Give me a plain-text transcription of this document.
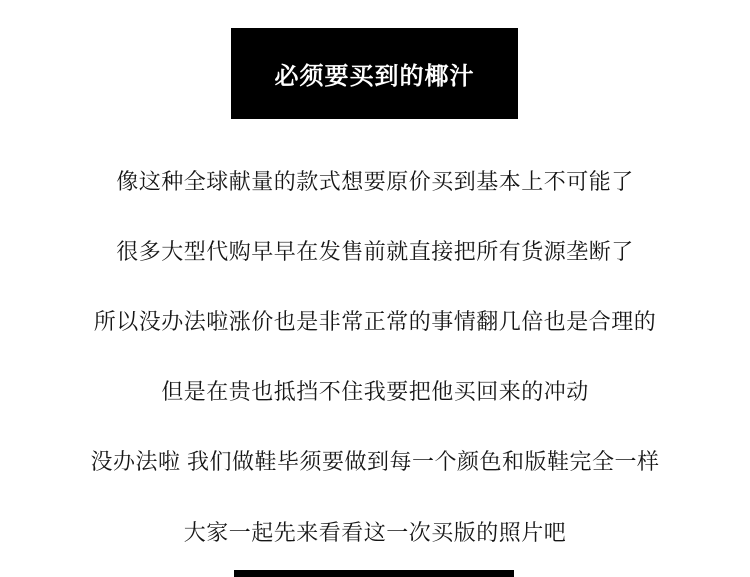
必须要买到的椰汁

像这种全球献量的款式想要原价买到基本上不可能了

很多大型代购早早在发售前就直接把所有货源垄断了

所以没办法啦涨价也是非常正常的事情翻几倍也是合理的

但是在贵也抵挡不住我要把他买回来的冲动

没办法啦 我们做鞋毕须要做到每一个颜色和版鞋完全一样

大家一起先来看看这一次买版的照片吧
